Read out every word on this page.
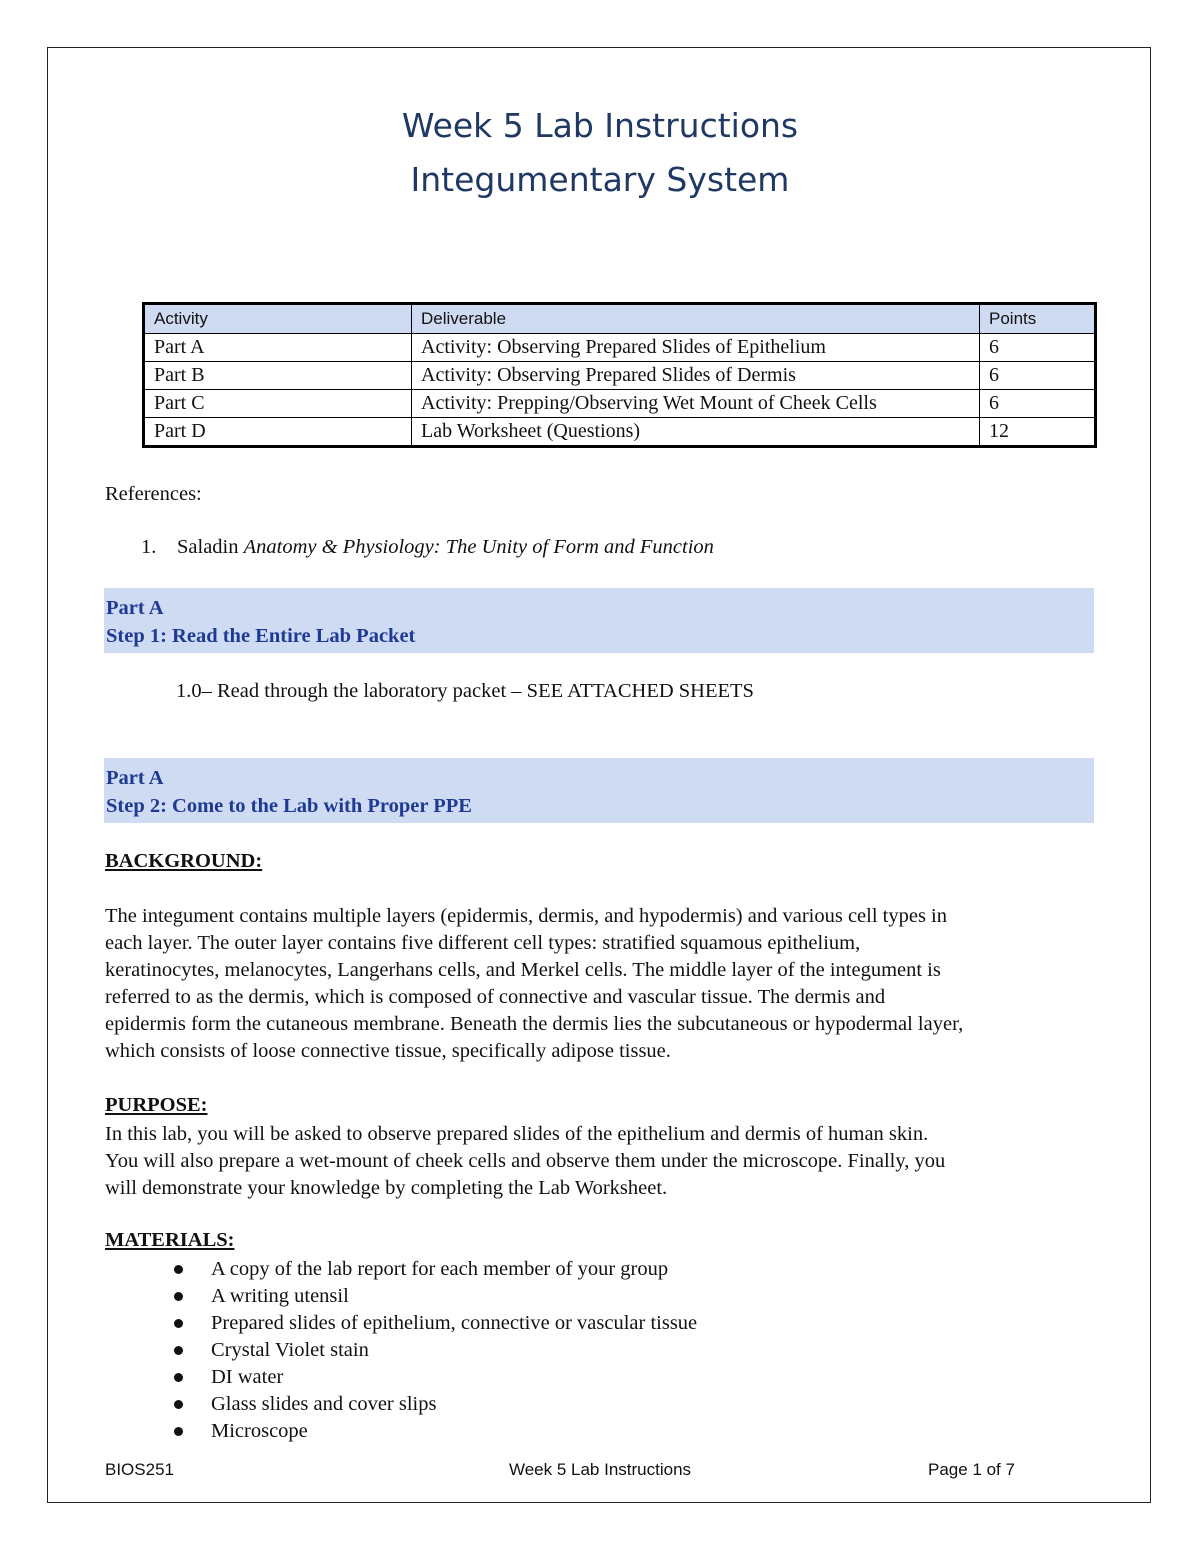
Week 5 Lab Instructions
Integumentary System
Activity	Deliverable	Points
Part A	Activity: Observing Prepared Slides of Epithelium	6
Part B	Activity: Observing Prepared Slides of Dermis	6
Part C	Activity: Prepping/Observing Wet Mount of Cheek Cells	6
Part D	Lab Worksheet (Questions)	12
References:
1. Saladin Anatomy & Physiology: The Unity of Form and Function
Part A
Step 1: Read the Entire Lab Packet
1.0– Read through the laboratory packet – SEE ATTACHED SHEETS
Part A
Step 2: Come to the Lab with Proper PPE
BACKGROUND:
The integument contains multiple layers (epidermis, dermis, and hypodermis) and various cell types in
each layer. The outer layer contains five different cell types: stratified squamous epithelium,
keratinocytes, melanocytes, Langerhans cells, and Merkel cells. The middle layer of the integument is
referred to as the dermis, which is composed of connective and vascular tissue. The dermis and
epidermis form the cutaneous membrane. Beneath the dermis lies the subcutaneous or hypodermal layer,
which consists of loose connective tissue, specifically adipose tissue.
PURPOSE:
In this lab, you will be asked to observe prepared slides of the epithelium and dermis of human skin.
You will also prepare a wet-mount of cheek cells and observe them under the microscope. Finally, you
will demonstrate your knowledge by completing the Lab Worksheet.
MATERIALS:
A copy of the lab report for each member of your group
A writing utensil
Prepared slides of epithelium, connective or vascular tissue
Crystal Violet stain
DI water
Glass slides and cover slips
Microscope
BIOS251	Week 5 Lab Instructions	Page 1 of 7
